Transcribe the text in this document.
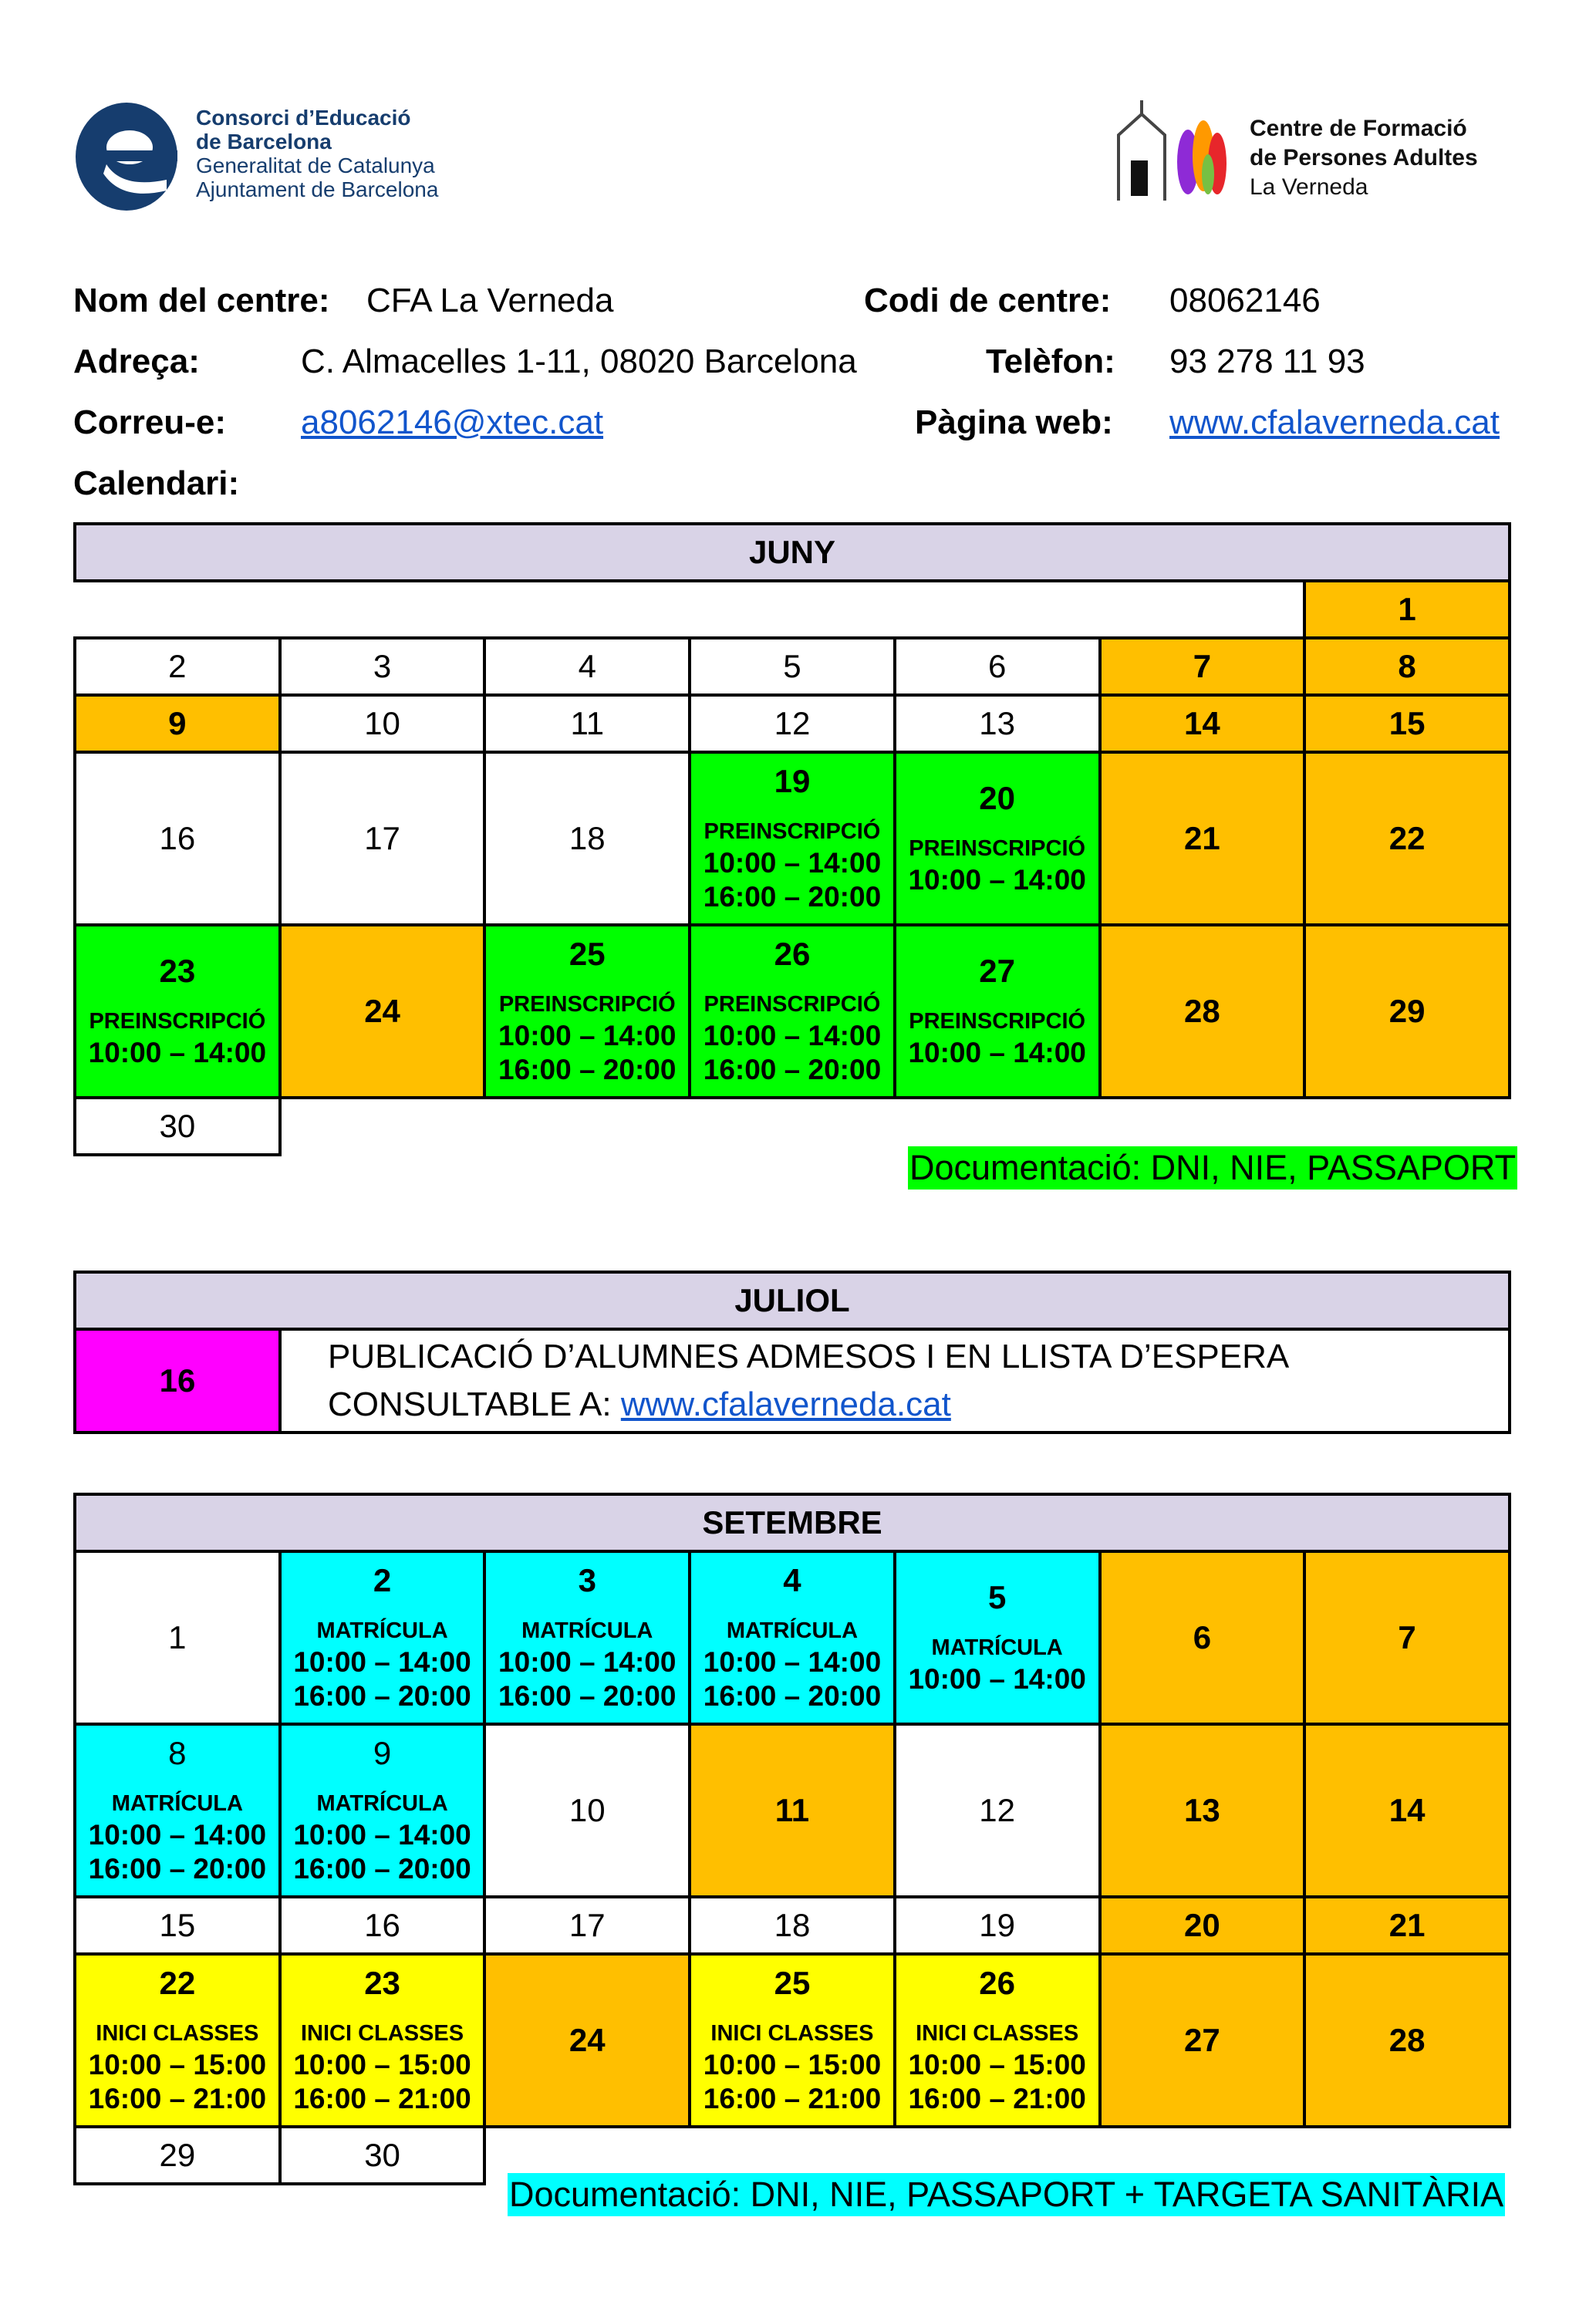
Consorci d’Educació
de Barcelona
Generalitat de Catalunya
Ajuntament de Barcelona
Centre de Formació
de Persones Adultes
La Verneda
Nom del centre: CFA La Verneda	Codi de centre: 08062146
Adreça:	C. Almacelles 1-11, 08020 Barcelona	Telèfon: 93 278 11 93
Correu-e: a8062146@xtec.cat	Pàgina web: www.cfalaverneda.cat
Calendari:
JUNY						

						1

2	3	4	5	6	7	8

9	10	11	12	13	14	15

16	17	18	19
PREINSCRIPCIÓ
10:00 – 14:00
16:00 – 20:00	20
PREINSCRIPCIÓ
10:00 – 14:00	21	22

23
PREINSCRIPCIÓ
10:00 – 14:00	24	25
PREINSCRIPCIÓ
10:00 – 14:00
16:00 – 20:00	26
PREINSCRIPCIÓ
10:00 – 14:00
16:00 – 20:00	27
PREINSCRIPCIÓ
10:00 – 14:00	28	29

30						

Documentació: DNI, NIE, PASSAPORT
JULIOL
16	
PUBLICACIÓ D’ALUMNES ADMESOS I EN LLISTA D’ESPERA
CONSULTABLE A: www.cfalaverneda.cat
SETEMBRE						

1	2
MATRÍCULA
10:00 – 14:00
16:00 – 20:00	3
MATRÍCULA
10:00 – 14:00
16:00 – 20:00	4
MATRÍCULA
10:00 – 14:00
16:00 – 20:00	5
MATRÍCULA
10:00 – 14:00	6	7

8
MATRÍCULA
10:00 – 14:00
16:00 – 20:00	9
MATRÍCULA
10:00 – 14:00
16:00 – 20:00	10	11	12	13	14

15	16	17	18	19	20	21

22
INICI CLASSES
10:00 – 15:00
16:00 – 21:00	23
INICI CLASSES
10:00 – 15:00
16:00 – 21:00	24	25
INICI CLASSES
10:00 – 15:00
16:00 – 21:00	26
INICI CLASSES
10:00 – 15:00
16:00 – 21:00	27	28

29	30					

Documentació: DNI, NIE, PASSAPORT + TARGETA SANITÀRIA
